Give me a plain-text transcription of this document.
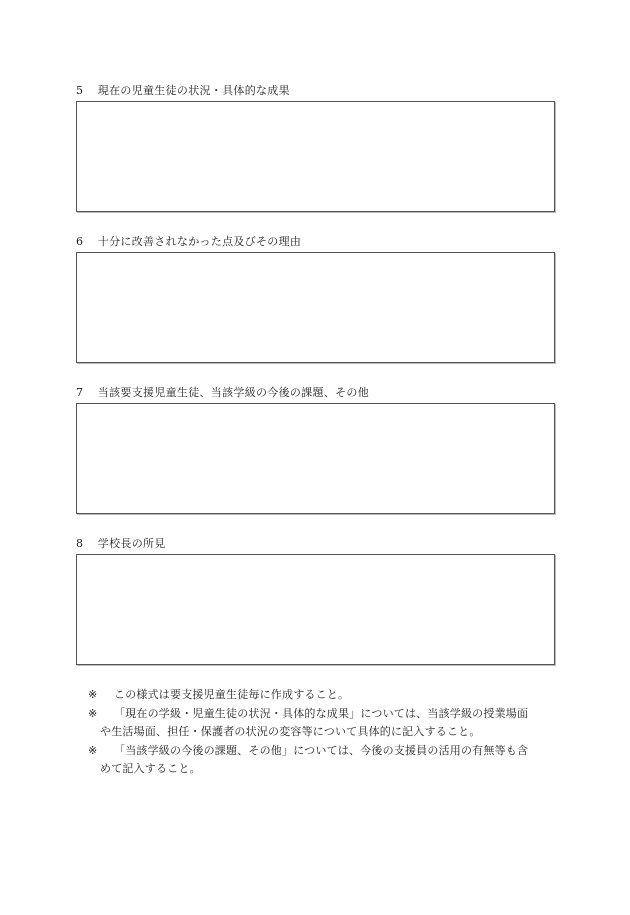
5 現在の児童生徒の状況・具体的な成果
6 十分に改善されなかった点及びその理由
7 当該要支援児童生徒、当該学級の今後の課題、その他
8 学校長の所見
※	この様式は要支援児童生徒毎に作成すること。
※	「現在の学級・児童生徒の状況・具体的な成果」については、当該学級の授業場面
や生活場面、担任・保護者の状況の変容等について具体的に記入すること。
※	「当該学級の今後の課題、その他」については、今後の支援員の活用の有無等も含
めて記入すること。
